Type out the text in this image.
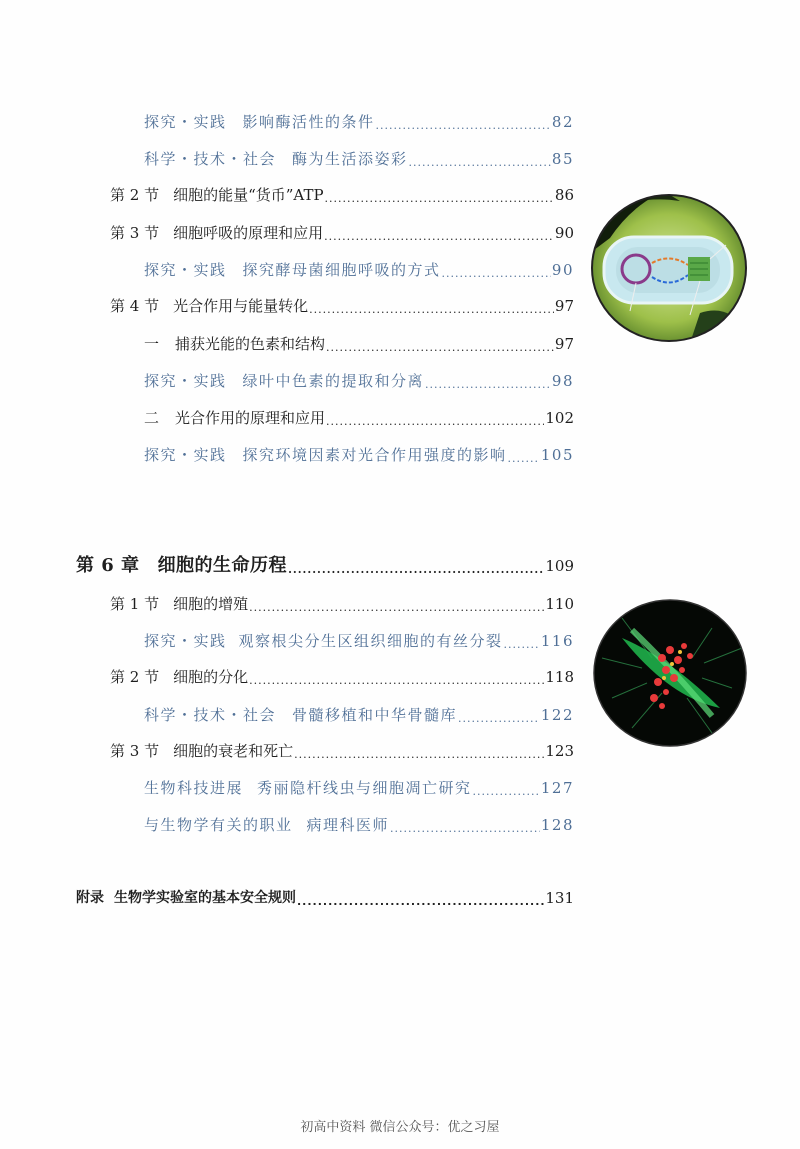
探究・实践 影响酶活性的条件 .....	82
科学・技术・社会 酶为生活添姿彩 .....	85
第 2 节 细胞的能量“货币”ATP .....	86
第 3 节 细胞呼吸的原理和应用 .....	90
探究・实践 探究酵母菌细胞呼吸的方式 .....	90
第 4 节 光合作用与能量转化 .....	97
一 捕获光能的色素和结构 .....	97
探究・实践 绿叶中色素的提取和分离 .....	98
二 光合作用的原理和应用 .....	102
探究・实践 探究环境因素对光合作用强度的影响 ..... 105
第 6 章 细胞的生命历程 .....	109
第 1 节 细胞的增殖 .....	110
探究・实践 观察根尖分生区组织细胞的有丝分裂 .....	116
第 2 节 细胞的分化 .....	118
科学・技术・社会 骨髓移植和中华骨髓库 .....	122
第 3 节 细胞的衰老和死亡 .....	123
生物科技进展 秀丽隐杆线虫与细胞凋亡研究 .....	127
与生物学有关的职业 病理科医师 .....	128
附录 生物学实验室的基本安全规则 .....	131
初高中资料 微信公众号：优之习屋
